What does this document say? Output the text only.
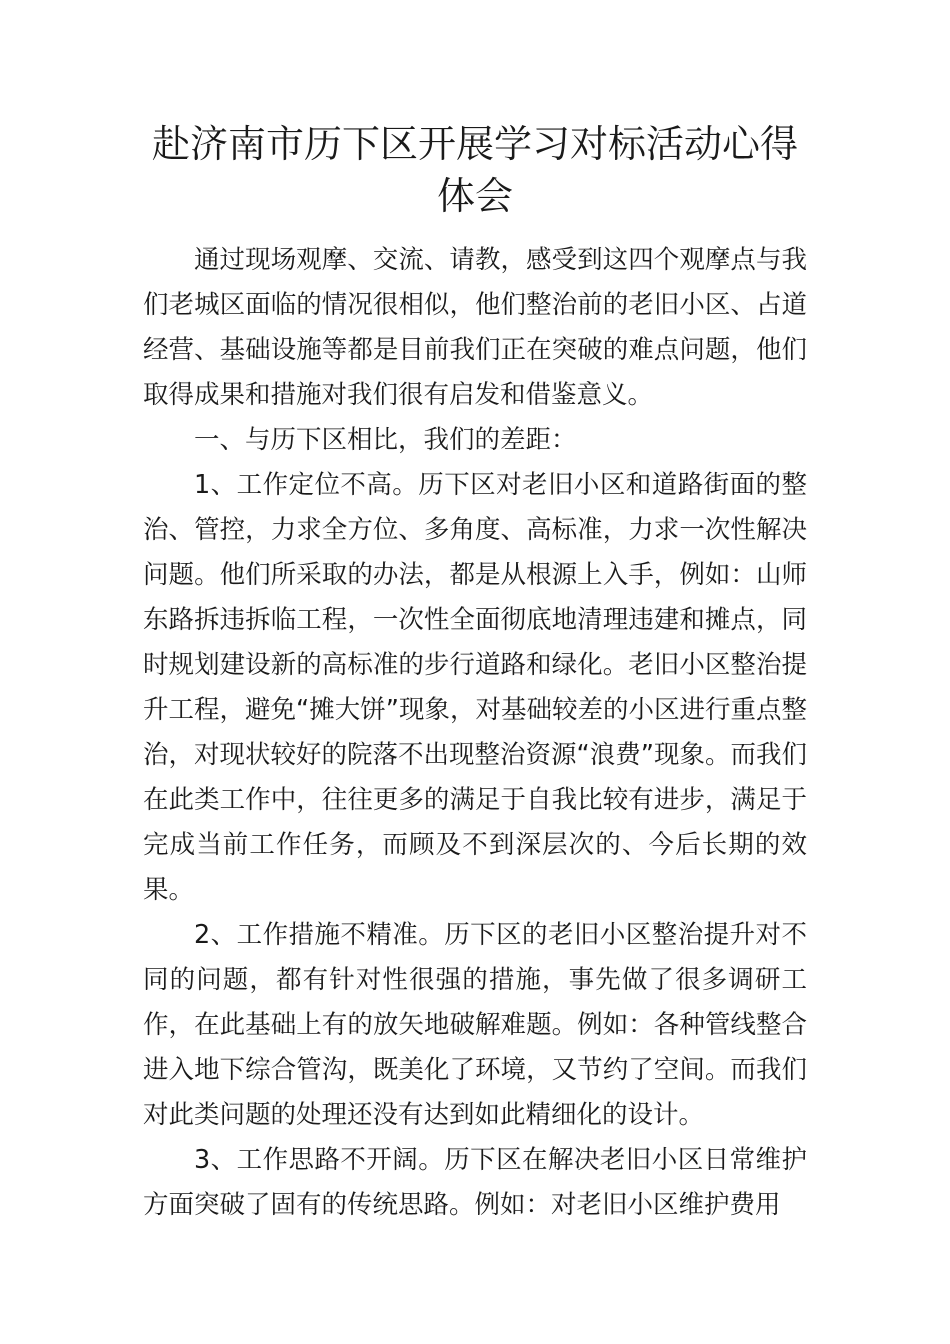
赴济南市历下区开展学习对标活动心得体会

通过现场观摩、交流、请教，感受到这四个观摩点与我们老城区面临的情况很相似，他们整治前的老旧小区、占道经营、基础设施等都是目前我们正在突破的难点问题，他们取得成果和措施对我们很有启发和借鉴意义。

一、与历下区相比，我们的差距：

1、工作定位不高。历下区对老旧小区和道路街面的整治、管控，力求全方位、多角度、高标准，力求一次性解决问题。他们所采取的办法，都是从根源上入手，例如：山师东路拆违拆临工程，一次性全面彻底地清理违建和摊点，同时规划建设新的高标准的步行道路和绿化。老旧小区整治提升工程，避免“摊大饼”现象，对基础较差的小区进行重点整治，对现状较好的院落不出现整治资源“浪费”现象。而我们在此类工作中，往往更多的满足于自我比较有进步，满足于完成当前工作任务，而顾及不到深层次的、今后长期的效果。

2、工作措施不精准。历下区的老旧小区整治提升对不同的问题，都有针对性很强的措施，事先做了很多调研工作，在此基础上有的放矢地破解难题。例如：各种管线整合进入地下综合管沟，既美化了环境，又节约了空间。而我们对此类问题的处理还没有达到如此精细化的设计。

3、工作思路不开阔。历下区在解决老旧小区日常维护方面突破了固有的传统思路。例如：对老旧小区维护费用
